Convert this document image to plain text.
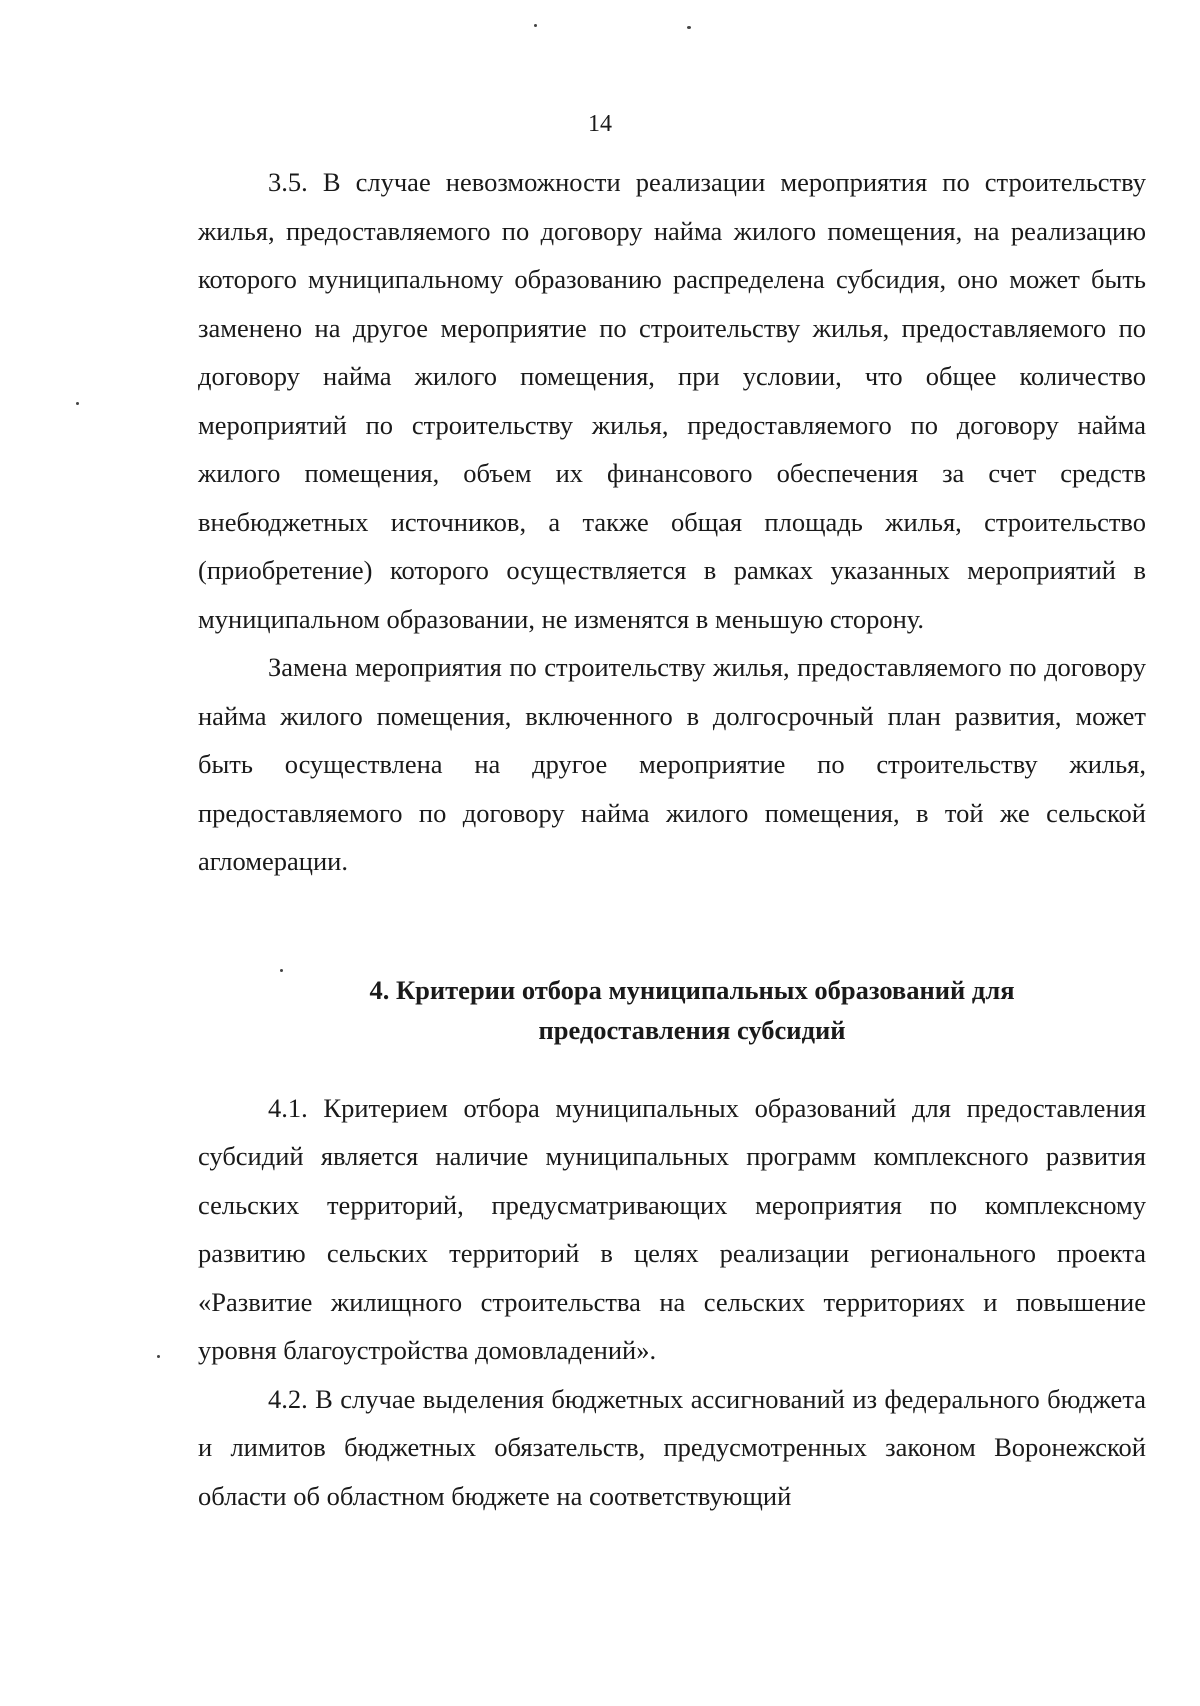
14

3.5. В случае невозможности реализации мероприятия по строительству жилья, предоставляемого по договору найма жилого помещения, на реализацию которого муниципальному образованию распределена субсидия, оно может быть заменено на другое мероприятие по строительству жилья, предоставляемого по договору найма жилого помещения, при условии, что общее количество мероприятий по строительству жилья, предоставляемого по договору найма жилого помещения, объем их финансового обеспечения за счет средств внебюджетных источников, а также общая площадь жилья, строительство (приобретение) которого осуществляется в рамках указанных мероприятий в муниципальном образовании, не изменятся в меньшую сторону.

Замена мероприятия по строительству жилья, предоставляемого по договору найма жилого помещения, включенного в долгосрочный план развития, может быть осуществлена на другое мероприятие по строительству жилья, предоставляемого по договору найма жилого помещения, в той же сельской агломерации.

4. Критерии отбора муниципальных образований для
предоставления субсидий

4.1. Критерием отбора муниципальных образований для предоставления субсидий является наличие муниципальных программ комплексного развития сельских территорий, предусматривающих мероприятия по комплексному развитию сельских территорий в целях реализации регионального проекта «Развитие жилищного строительства на сельских территориях и повышение уровня благоустройства домовладений».

4.2. В случае выделения бюджетных ассигнований из федерального бюджета и лимитов бюджетных обязательств, предусмотренных законом Воронежской области об областном бюджете на соответствующий
